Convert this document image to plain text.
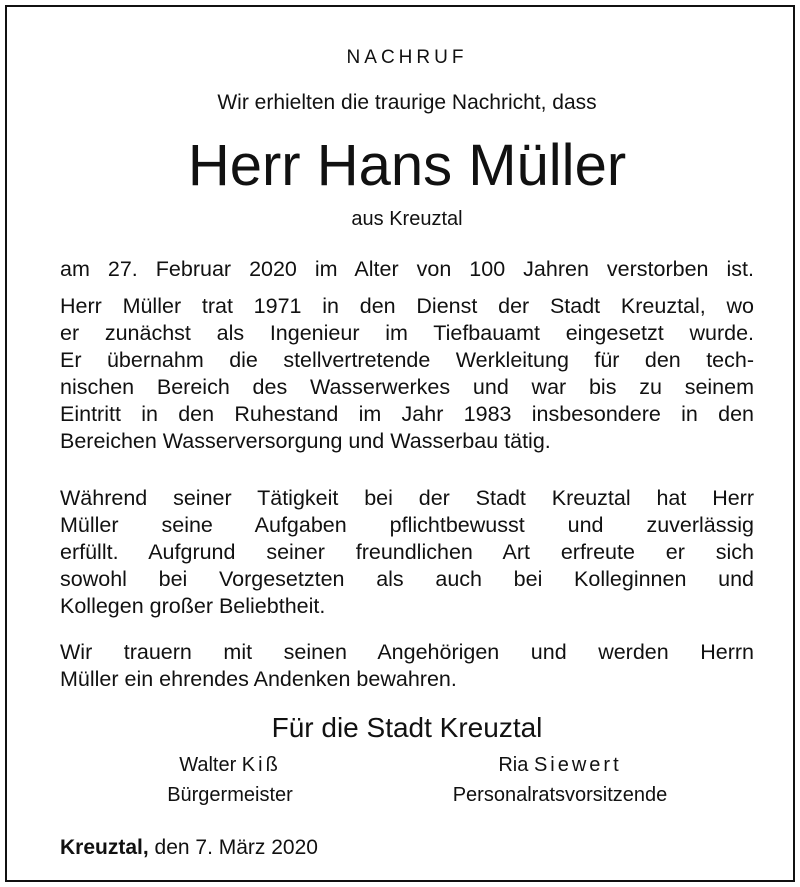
NACHRUF
Wir erhielten die traurige Nachricht, dass
Herr Hans Müller
aus Kreuztal
am 27. Februar 2020 im Alter von 100 Jahren verstorben ist.
Herr Müller trat 1971 in den Dienst der Stadt Kreuztal, wo
er zunächst als Ingenieur im Tiefbauamt eingesetzt wurde.
Er übernahm die stellvertretende Werkleitung für den tech-
nischen Bereich des Wasserwerkes und war bis zu seinem
Eintritt in den Ruhestand im Jahr 1983 insbesondere in den
Bereichen Wasserversorgung und Wasserbau tätig.
Während seiner Tätigkeit bei der Stadt Kreuztal hat Herr
Müller seine Aufgaben pflichtbewusst und zuverlässig
erfüllt. Aufgrund seiner freundlichen Art erfreute er sich
sowohl bei Vorgesetzten als auch bei Kolleginnen und
Kollegen großer Beliebtheit.
Wir trauern mit seinen Angehörigen und werden Herrn
Müller ein ehrendes Andenken bewahren.
Für die Stadt Kreuztal
Walter Kiß
Bürgermeister
Ria Siewert
Personalratsvorsitzende
Kreuztal, den 7. März 2020
